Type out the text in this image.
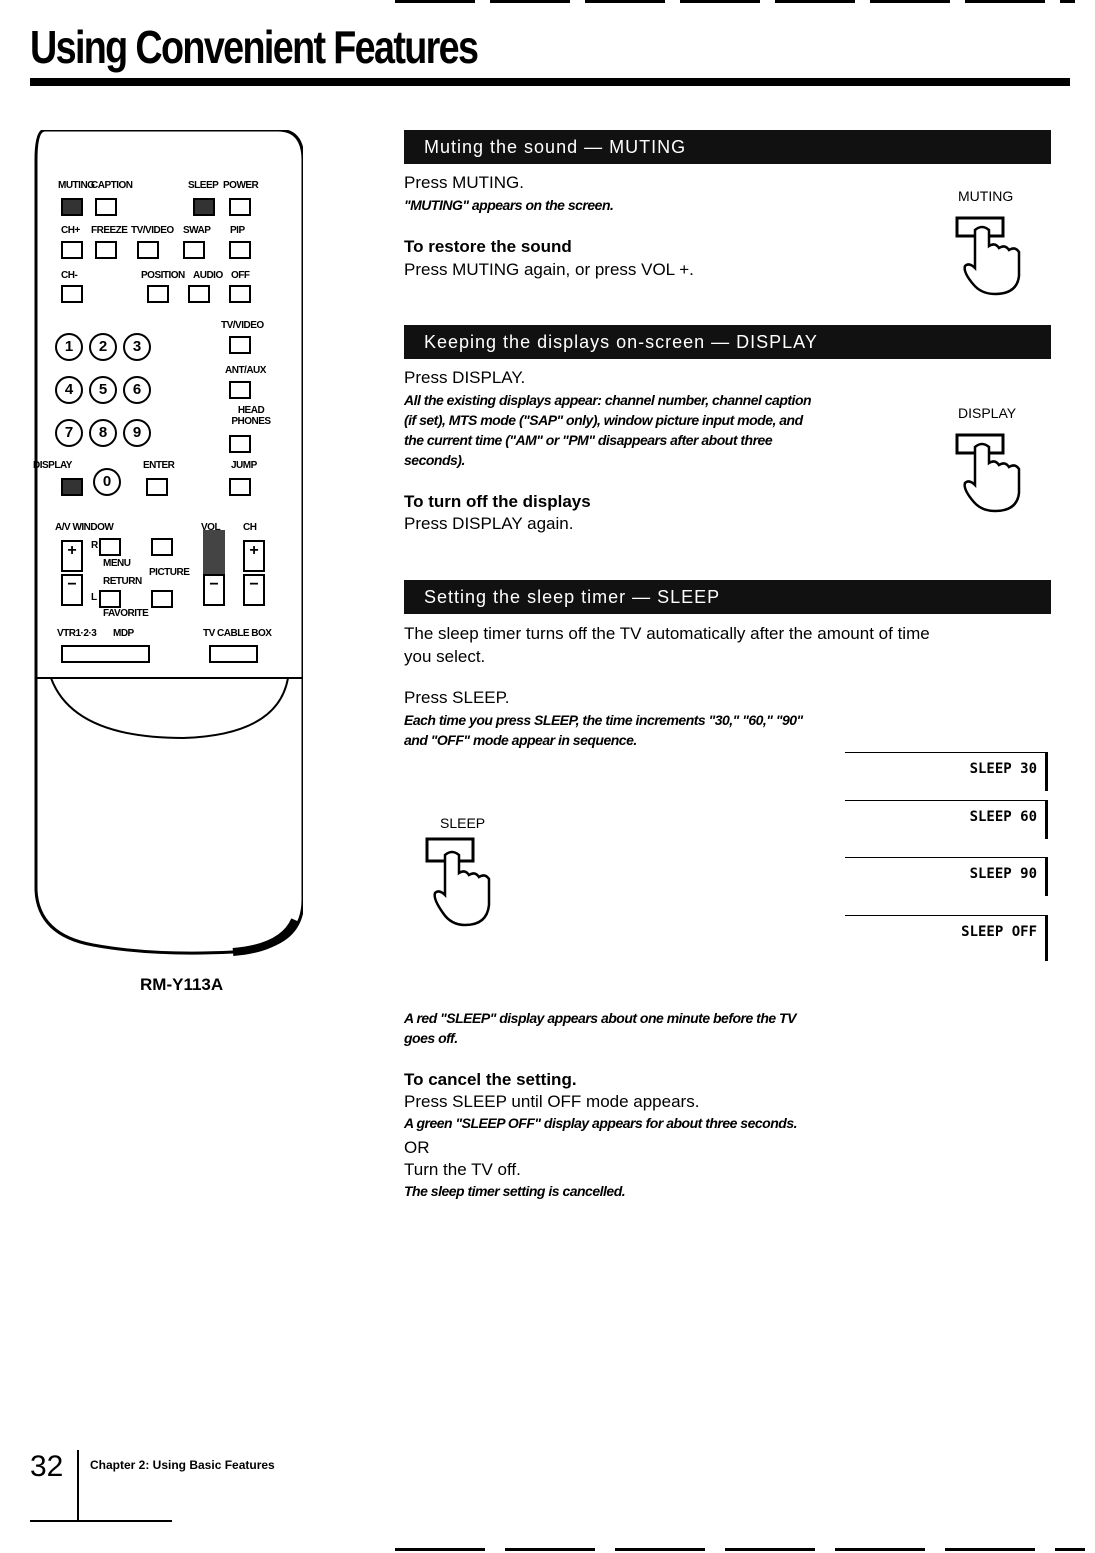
Using Convenient Features
MUTING
CAPTION	SLEEP POWER
CH+ FREEZE TV/VIDEO SWAP PIP
CH-	POSITION AUDIO OFF
1	2	3
4	5	6
7	8	9
0
TV/VIDEO
ANT/AUX
HEAD PHONES
DISPLAY	ENTER	JUMP
A/V WINDOW	VOL CH
+
−
R
MENU
RETURN
L
FAVORITE
PICTURE
−
+
−
VTR1·2·3 MDP	TV CABLE BOX
RM-Y113A
Muting the sound — MUTING
Press MUTING.
"MUTING" appears on the screen.
To restore the sound
Press MUTING again, or press VOL +.
MUTING
Keeping the displays on-screen — DISPLAY
Press DISPLAY.
All the existing displays appear: channel number, channel caption
(if set), MTS mode ("SAP" only), window picture input mode, and
the current time ("AM" or "PM" disappears after about three
seconds).
To turn off the displays
Press DISPLAY again.
DISPLAY
Setting the sleep timer — SLEEP
The sleep timer turns off the TV automatically after the amount of time
you select.
Press SLEEP.
Each time you press SLEEP, the time increments "30," "60," "90"
and "OFF" mode appear in sequence.
SLEEP
SLEEP 30
SLEEP 60
SLEEP 90
SLEEP OFF
A red "SLEEP" display appears about one minute before the TV
goes off.
To cancel the setting.
Press SLEEP until OFF mode appears.
A green "SLEEP OFF" display appears for about three seconds.
OR
Turn the TV off.
The sleep timer setting is cancelled.
32 Chapter 2: Using Basic Features
